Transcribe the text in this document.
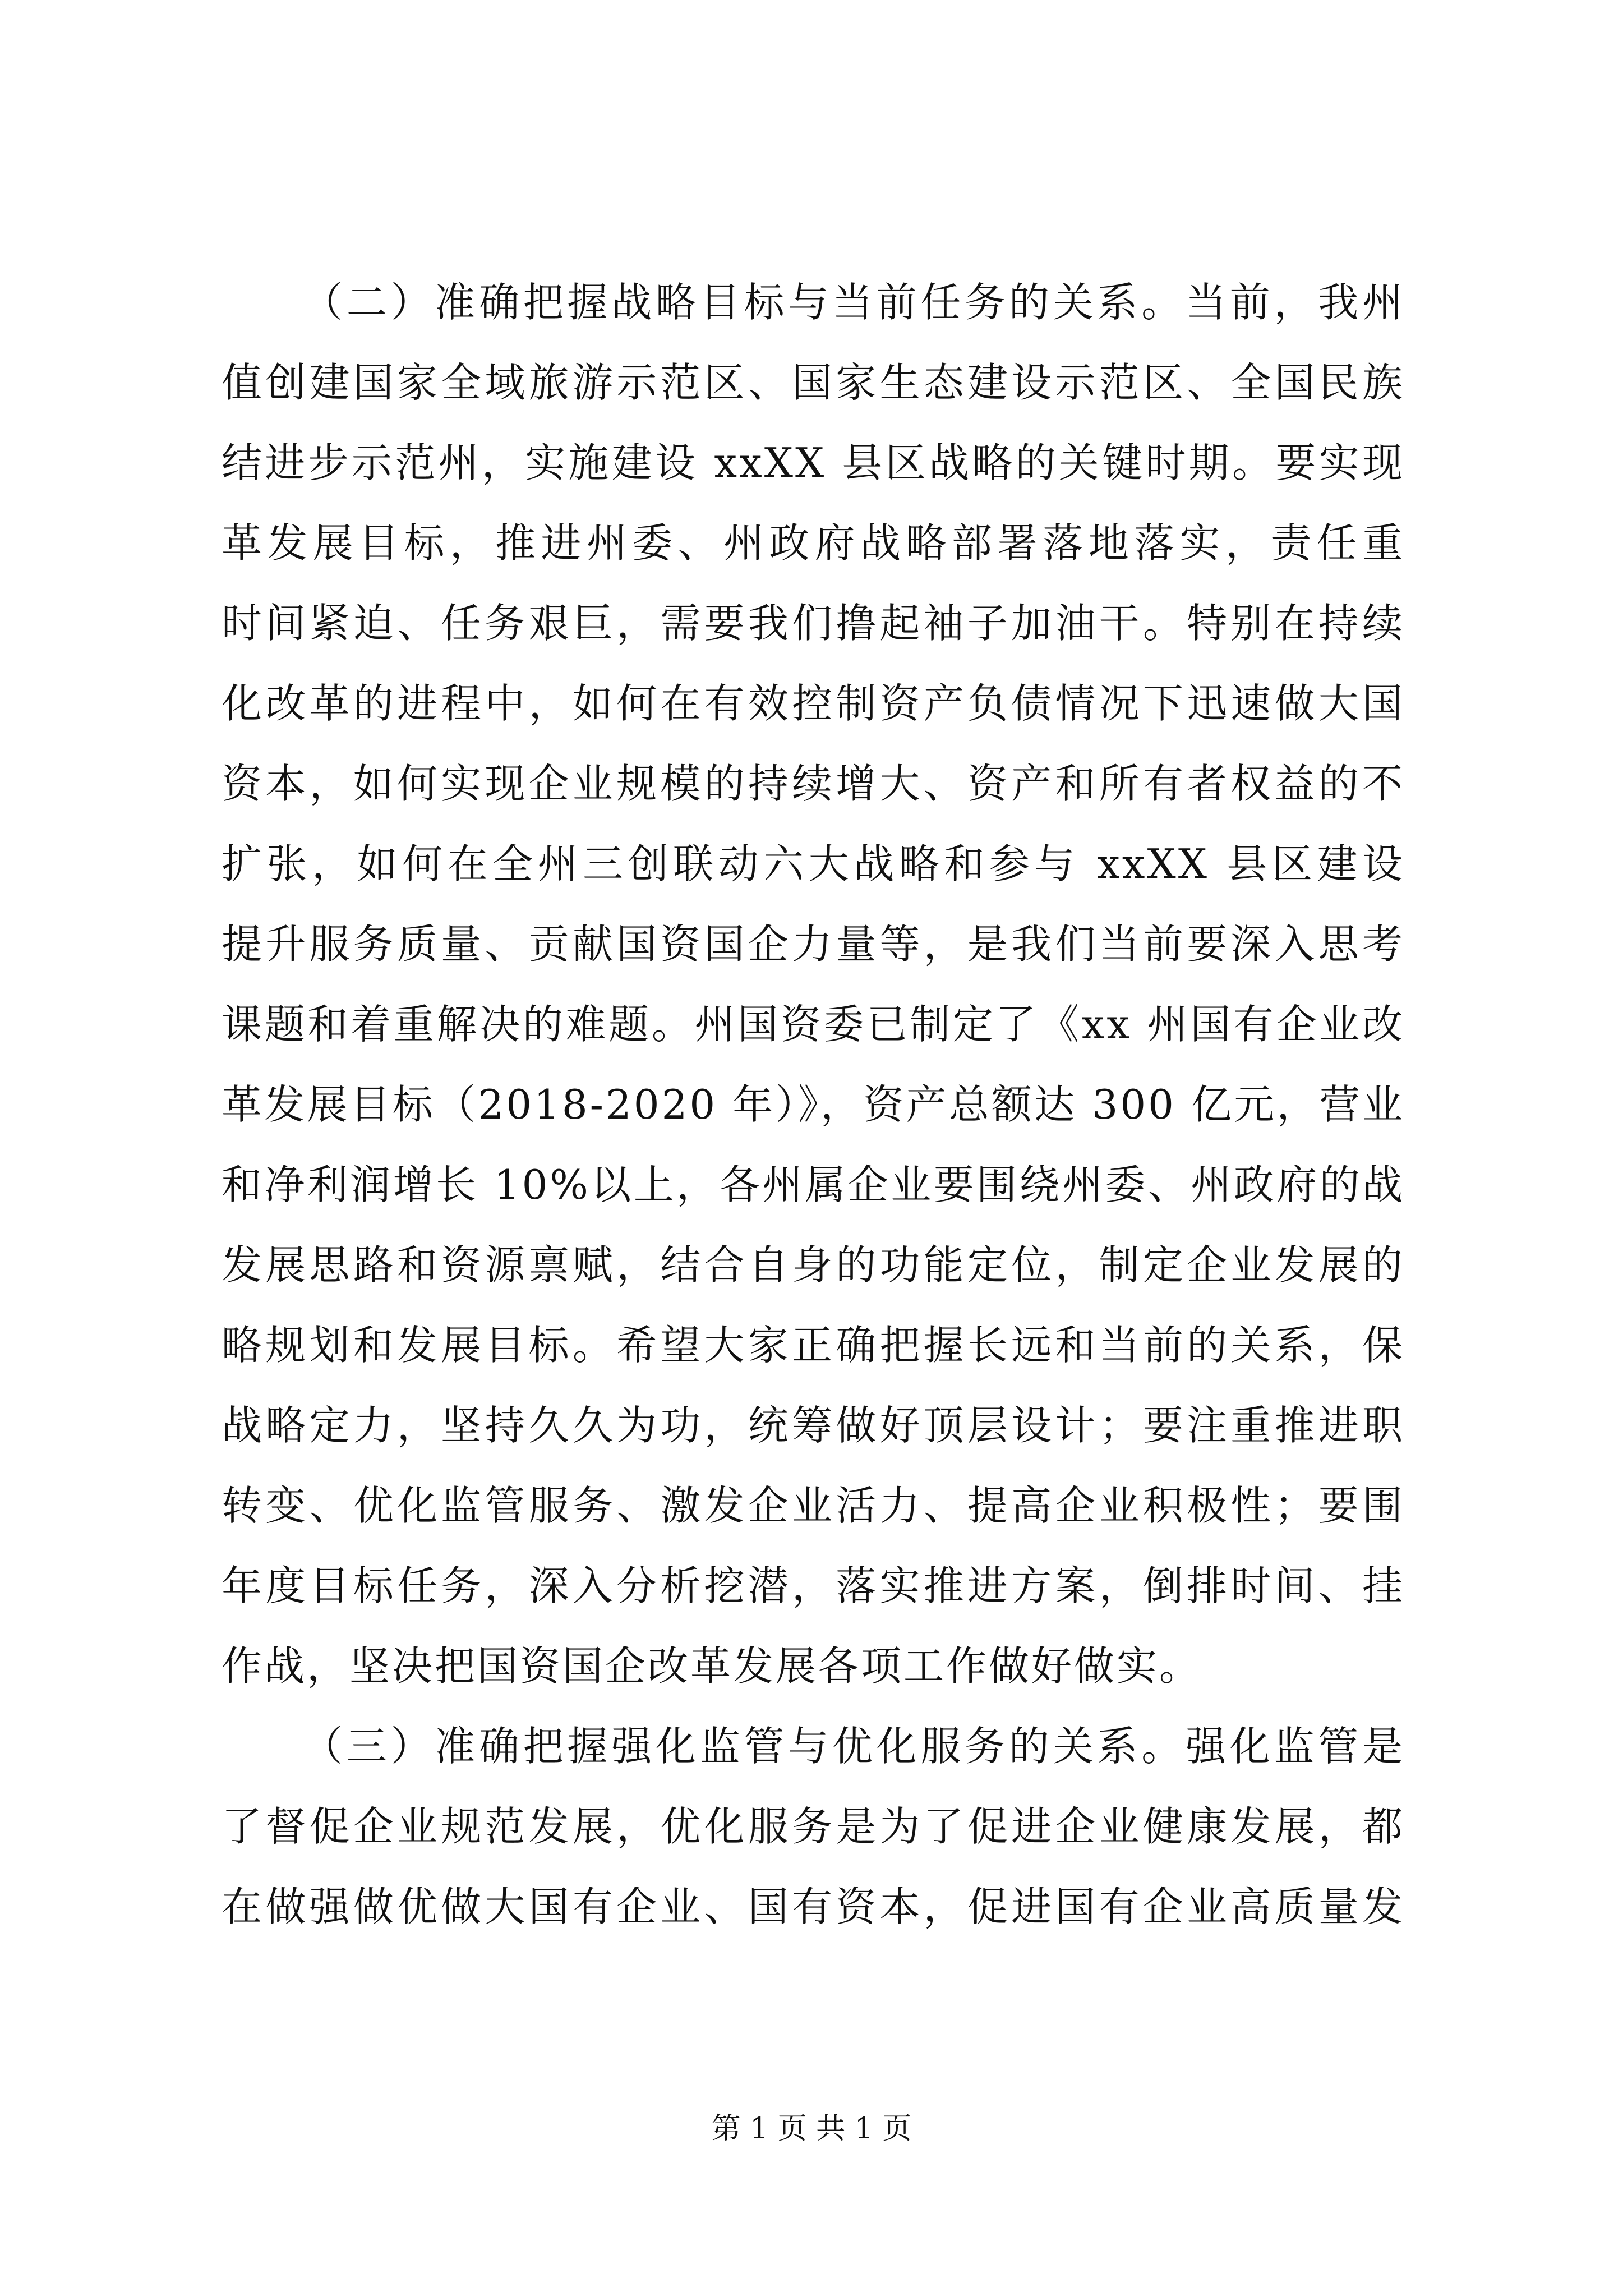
（二）准确把握战略目标与当前任务的关系。当前，我州
值创建国家全域旅游示范区、国家生态建设示范区、全国民族
结进步示范州，实施建设 xxXX 县区战略的关键时期。要实现
革发展目标，推进州委、州政府战略部署落地落实，责任重
时间紧迫、任务艰巨，需要我们撸起袖子加油干。特别在持续
化改革的进程中，如何在有效控制资产负债情况下迅速做大国
资本，如何实现企业规模的持续增大、资产和所有者权益的不
扩张，如何在全州三创联动六大战略和参与 xxXX 县区建设
提升服务质量、贡献国资国企力量等，是我们当前要深入思考
课题和着重解决的难题。州国资委已制定了《xx 州国有企业改
革发展目标（2018-2020 年）》，资产总额达 300 亿元，营业
和净利润增长 10%以上，各州属企业要围绕州委、州政府的战
发展思路和资源禀赋，结合自身的功能定位，制定企业发展的
略规划和发展目标。希望大家正确把握长远和当前的关系，保
战略定力，坚持久久为功，统筹做好顶层设计；要注重推进职
转变、优化监管服务、激发企业活力、提高企业积极性；要围
年度目标任务，深入分析挖潜，落实推进方案，倒排时间、挂
作战，坚决把国资国企改革发展各项工作做好做实。
（三）准确把握强化监管与优化服务的关系。强化监管是
了督促企业规范发展，优化服务是为了促进企业健康发展，都
在做强做优做大国有企业、国有资本，促进国有企业高质量发
第 1 页 共 1 页
